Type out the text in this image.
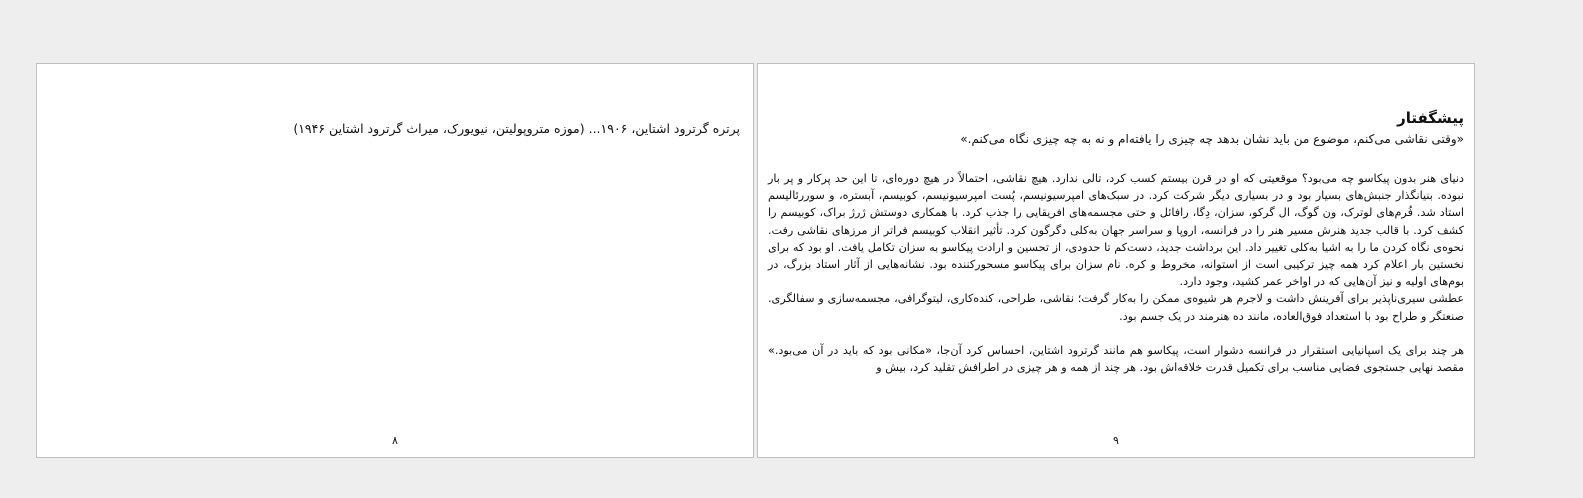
پرتره گرترود اشتاین، ۱۹۰۶... (موزه متروپولیتن، نیویورک، میراث گرترود اشتاین ۱۹۴۶)
۸
پیشگفتار
«وقتی نقاشی می‌کنم، موضوع من باید نشان بدهد چه چیزی را یافته‌ام و نه به چه چیزی نگاه می‌کنم.»

دنیای هنر بدون پیکاسو چه می‌بود؟ موقعیتی که او در قرن بیستم کسب کرد، تالی ندارد. هیچ نقاشی، احتمالاً در هیچ دوره‌ای، تا این حد پرکار و پر بار نبوده. بنیانگذار جنبش‌های بسیار بود و در بسیاری دیگر شرکت کرد. در سبک‌های امپرسیونیسم، پُست امپرسیونیسم، کوبیسم، آبستره، و سوررئالیسم استاد شد. فُرم‌های لوترک، ون گوگ، ال گرکو، سزان، دِگا، رافائل و حتی مجسمه‌های افریقایی را جذب کرد. با همکاری دوستش ژرژ براک، کوبیسم را کشف کرد. با قالب جدید هنرش مسیر هنر را در فرانسه، اروپا و سراسر جهان به‌کلی دگرگون کرد. تأثیر انقلاب کوبیسم فراتر از مرزهای نقاشی رفت. نحوه‌ی نگاه کردن ما را به اشیا به‌کلی تغییر داد. این برداشت جدید، دست‌کم تا حدودی، از تحسین و ارادت پیکاسو به سزان تکامل یافت. او بود که برای نخستین بار اعلام کرد همه چیز ترکیبی است از استوانه، مخروط و کره. نام سزان برای پیکاسو مسحورکننده بود. نشانه‌هایی از آثار استاد بزرگ، در بوم‌های اولیه و نیز آن‌هایی که در اواخر عمر کشید، وجود دارد.

عطشی سیری‌ناپذیر برای آفرینش داشت و لاجرم هر شیوه‌ی ممکن را به‌کار گرفت؛ نقاشی، طراحی، کنده‌کاری، لیتوگرافی، مجسمه‌سازی و سفالگری. صنعتگر و طراح بود با استعداد فوق‌العاده، مانند ده هنرمند در یک جسم بود.

هر چند برای یک اسپانیایی استقرار در فرانسه دشوار است، پیکاسو هم مانند گرترود اشتاین، احساس کرد آن‌جا، «مکانی بود که باید در آن می‌بود.» مقصد نهایی جستجوی فضایی مناسب برای تکمیل قدرت خلاقه‌اش بود. هر چند از همه و هر چیزی در اطرافش تقلید کرد، بیش و

۹
